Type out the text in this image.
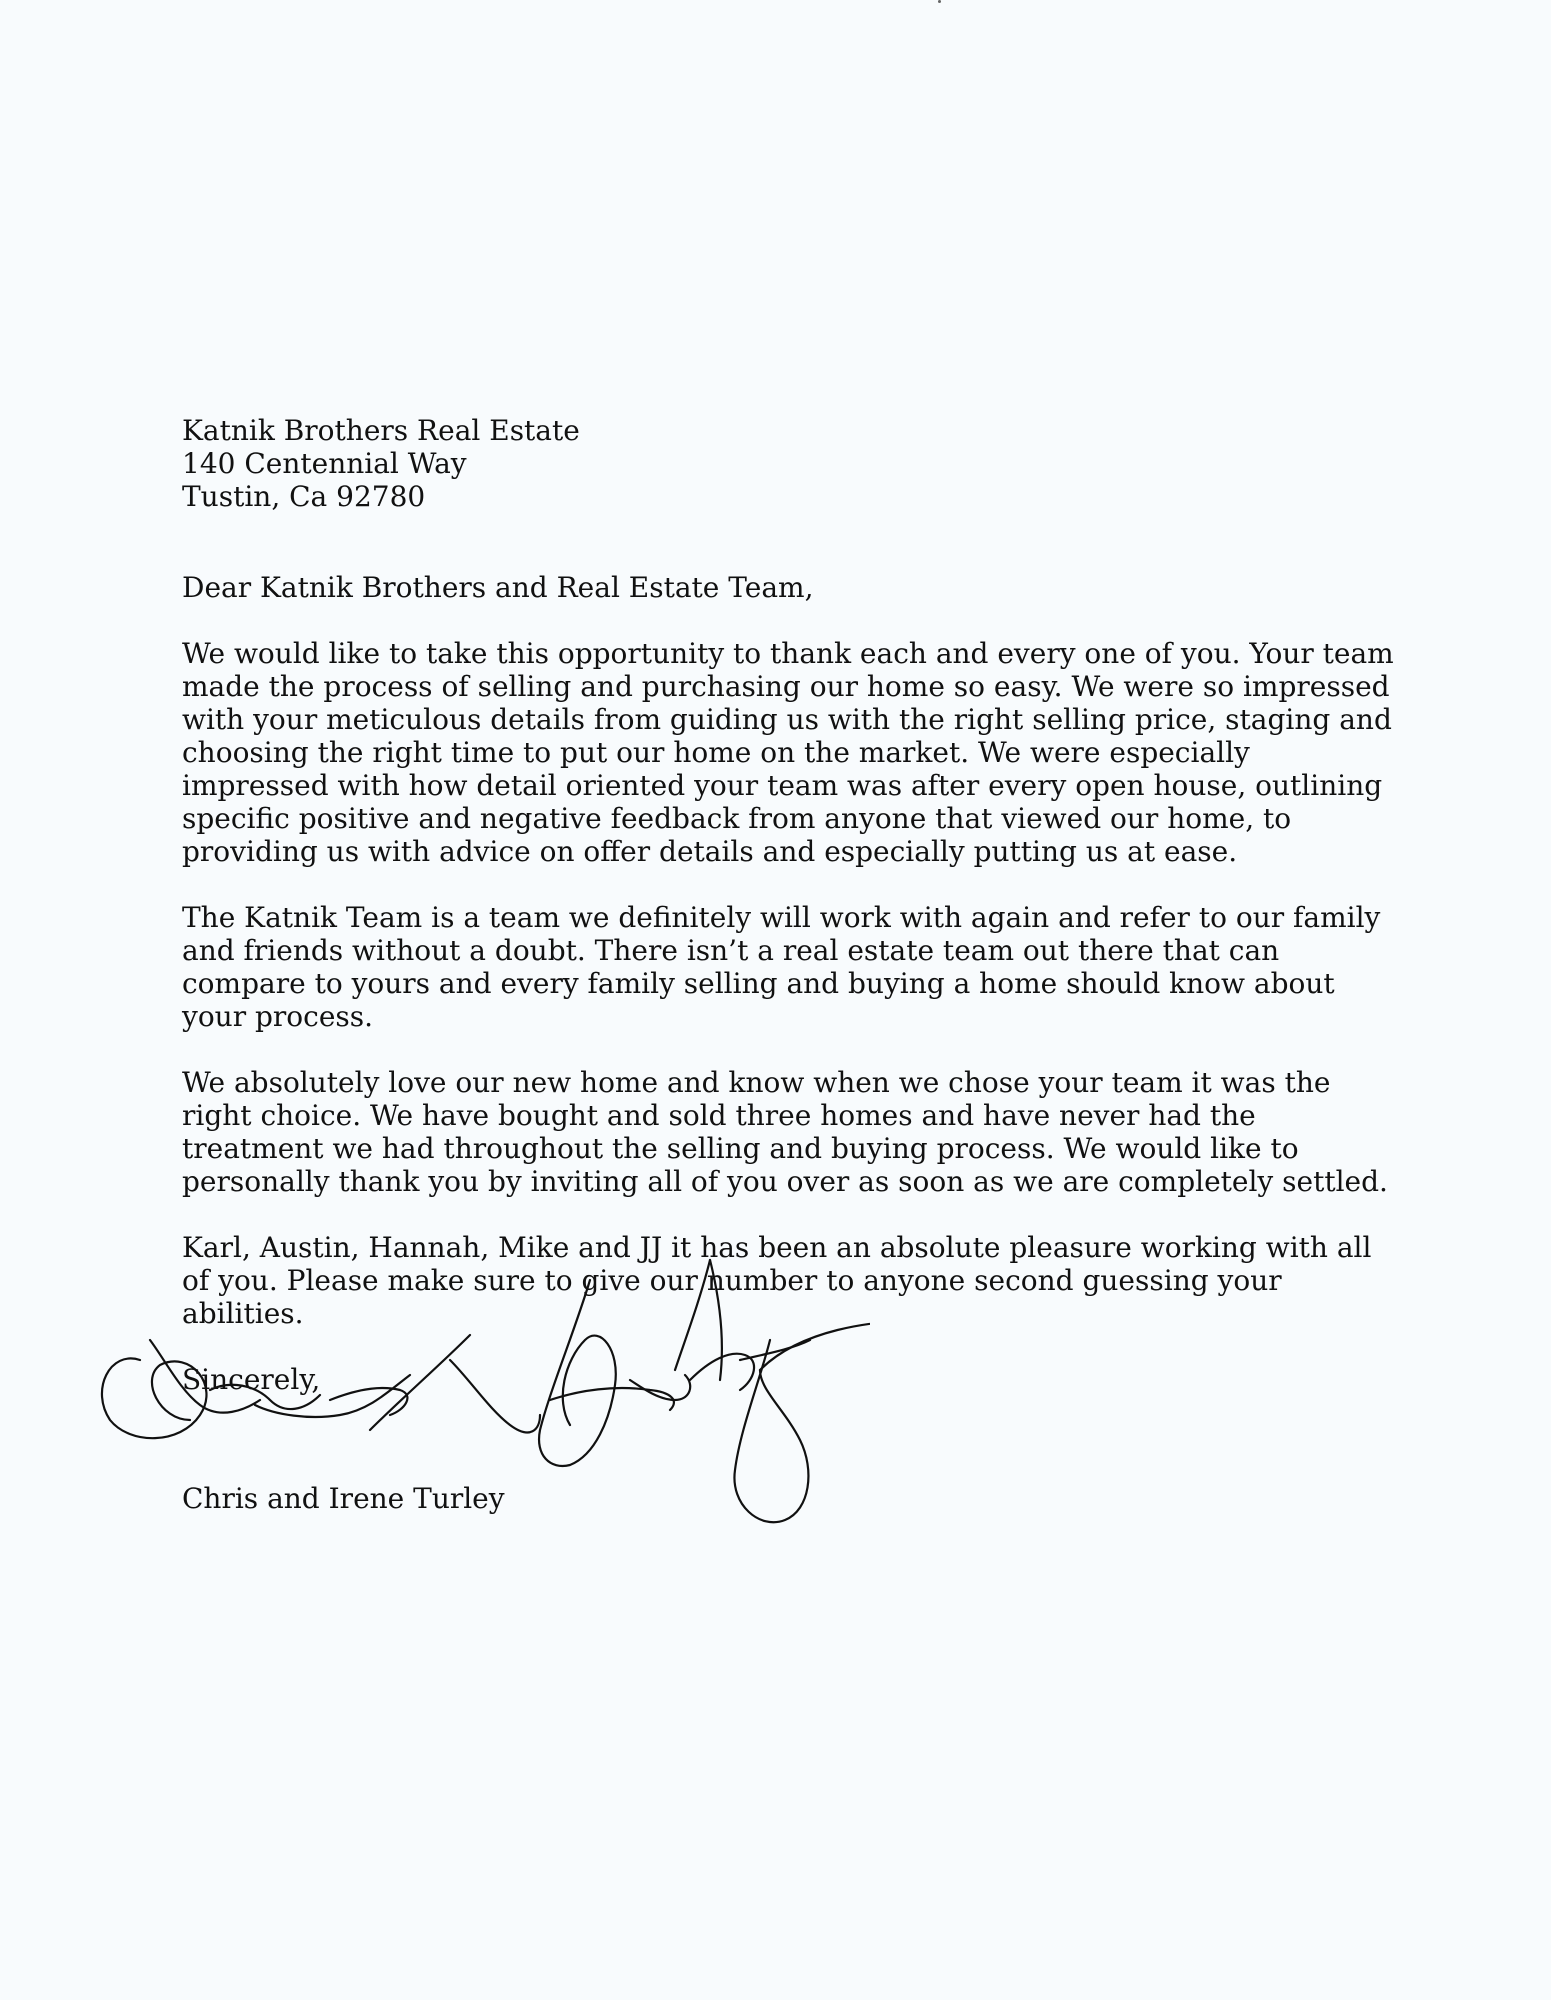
Katnik Brothers Real Estate

140 Centennial Way

Tustin, Ca 92780

Dear Katnik Brothers and Real Estate Team,

We would like to take this opportunity to thank each and every one of you. Your team made the process of selling and purchasing our home so easy. We were so impressed with your meticulous details from guiding us with the right selling price, staging and choosing the right time to put our home on the market. We were especially impressed with how detail oriented your team was after every open house, outlining specific positive and negative feedback from anyone that viewed our home, to providing us with advice on offer details and especially putting us at ease.

The Katnik Team is a team we definitely will work with again and refer to our family and friends without a doubt. There isn’t a real estate team out there that can compare to yours and every family selling and buying a home should know about your process.

We absolutely love our new home and know when we chose your team it was the right choice. We have bought and sold three homes and have never had the treatment we had throughout the selling and buying process. We would like to personally thank you by inviting all of you over as soon as we are completely settled.

Karl, Austin, Hannah, Mike and JJ it has been an absolute pleasure working with all of you. Please make sure to give our number to anyone second guessing your abilities.

Sincerely,

Chris and Irene Turley
